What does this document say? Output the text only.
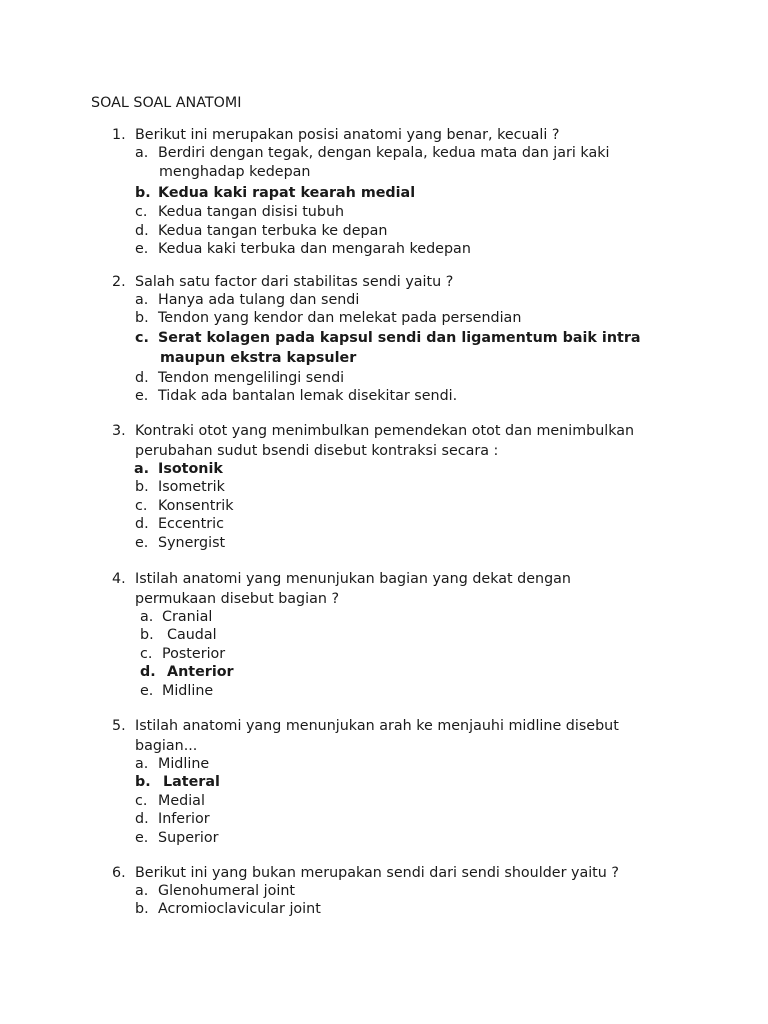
SOAL SOAL ANATOMI
1. Berikut ini merupakan posisi anatomi yang benar, kecuali ?
a. Berdiri dengan tegak, dengan kepala, kedua mata dan jari kaki
menghadap kedepan
b. Kedua kaki rapat kearah medial
c. Kedua tangan disisi tubuh
d. Kedua tangan terbuka ke depan
e. Kedua kaki terbuka dan mengarah kedepan
2. Salah satu factor dari stabilitas sendi yaitu ?
a. Hanya ada tulang dan sendi
b. Tendon yang kendor dan melekat pada persendian
c. Serat kolagen pada kapsul sendi dan ligamentum baik intra
maupun ekstra kapsuler
d. Tendon mengelilingi sendi
e. Tidak ada bantalan lemak disekitar sendi.
3. Kontraki otot yang menimbulkan pemendekan otot dan menimbulkan
perubahan sudut bsendi disebut kontraksi secara :
a. Isotonik
b. Isometrik
c. Konsentrik
d. Eccentric
e. Synergist
4. Istilah anatomi yang menunjukan bagian yang dekat dengan
permukaan disebut bagian ?
a. Cranial
b. Caudal
c. Posterior
d. Anterior
e. Midline
5. Istilah anatomi yang menunjukan arah ke menjauhi midline disebut
bagian...
a. Midline
b. Lateral
c. Medial
d. Inferior
e. Superior
6. Berikut ini yang bukan merupakan sendi dari sendi shoulder yaitu ?
a. Glenohumeral joint
b. Acromioclavicular joint
